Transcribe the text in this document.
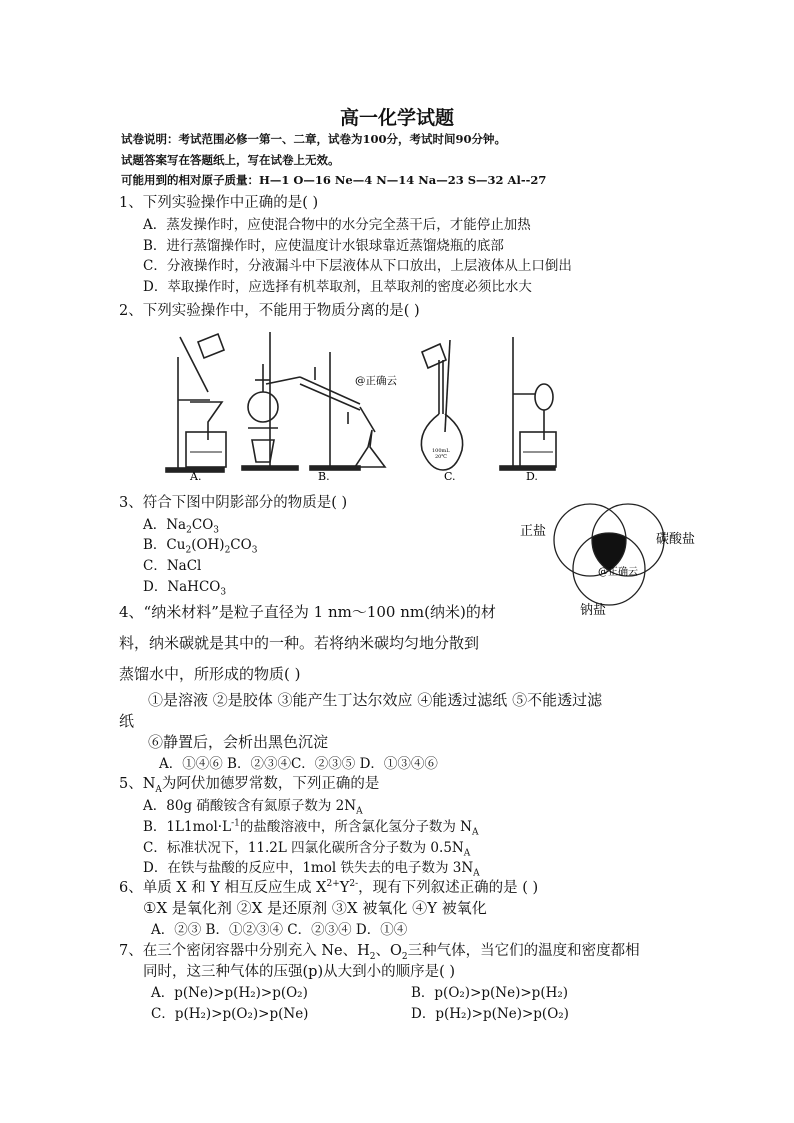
高一化学试题
试卷说明：考试范围必修一第一、二章，试卷为100分，考试时间90分钟。
试题答案写在答题纸上，写在试卷上无效。
可能用到的相对原子质量：H—1 O—16 Ne—4 N—14 Na—23 S—32 Al--27
1、下列实验操作中正确的是( )
A．蒸发操作时，应使混合物中的水分完全蒸干后，才能停止加热
B．进行蒸馏操作时，应使温度计水银球靠近蒸馏烧瓶的底部
C．分液操作时，分液漏斗中下层液体从下口放出，上层液体从上口倒出
D．萃取操作时，应选择有机萃取剂，且萃取剂的密度必须比水大
2、下列实验操作中，不能用于物质分离的是( )
A.	B.	C.	D.
@正确云
100mL
20℃
3、符合下图中阴影部分的物质是( )
A．$Na_2CO_3$
B．$Cu_2(OH)_2CO_3$
C．NaCl
D．NaHCO$_3$
正盐
碳酸盐
钠盐
@正确云
4、“纳米材料”是粒子直径为 1 nm～100 nm(纳米)的材
料，纳米碳就是其中的一种。若将纳米碳均匀地分散到
蒸馏水中，所形成的物质( )
①是溶液 ②是胶体 ③能产生丁达尔效应 ④能透过滤纸 ⑤不能透过滤
纸
⑥静置后，会析出黑色沉淀
A．①④⑥ B．②③④C．②③⑤ D．①③④⑥
5、$N_A$为阿伏加德罗常数，下列正确的是
A．80g 硝酸铵含有氮原子数为 $2N_A$
B．$1L1mol\cdot L^{-1}$的盐酸溶液中，所含氯化氢分子数为 $N_A$
C．标准状况下，11.2L 四氯化碳所含分子数为 $0.5N_A$
D．在铁与盐酸的反应中，1mol 铁失去的电子数为 $3N_A$
6、单质 X 和 Y 相互反应生成 $X^{2+}Y^{2-}$，现有下列叙述正确的是 ( )
①X 是氧化剂 ②X 是还原剂 ③X 被氧化 ④Y 被氧化
A．②③ B．①②③④ C．②③④ D．①④
7、在三个密闭容器中分别充入 Ne、$H_2$、$O_2$三种气体，当它们的温度和密度都相
同时，这三种气体的压强(p)从大到小的顺序是( )
A．p(Ne)>p(H₂)>p(O₂)	B．p(O₂)>p(Ne)>p(H₂)
C．p(H₂)>p(O₂)>p(Ne)	D．p(H₂)>p(Ne)>p(O₂)
